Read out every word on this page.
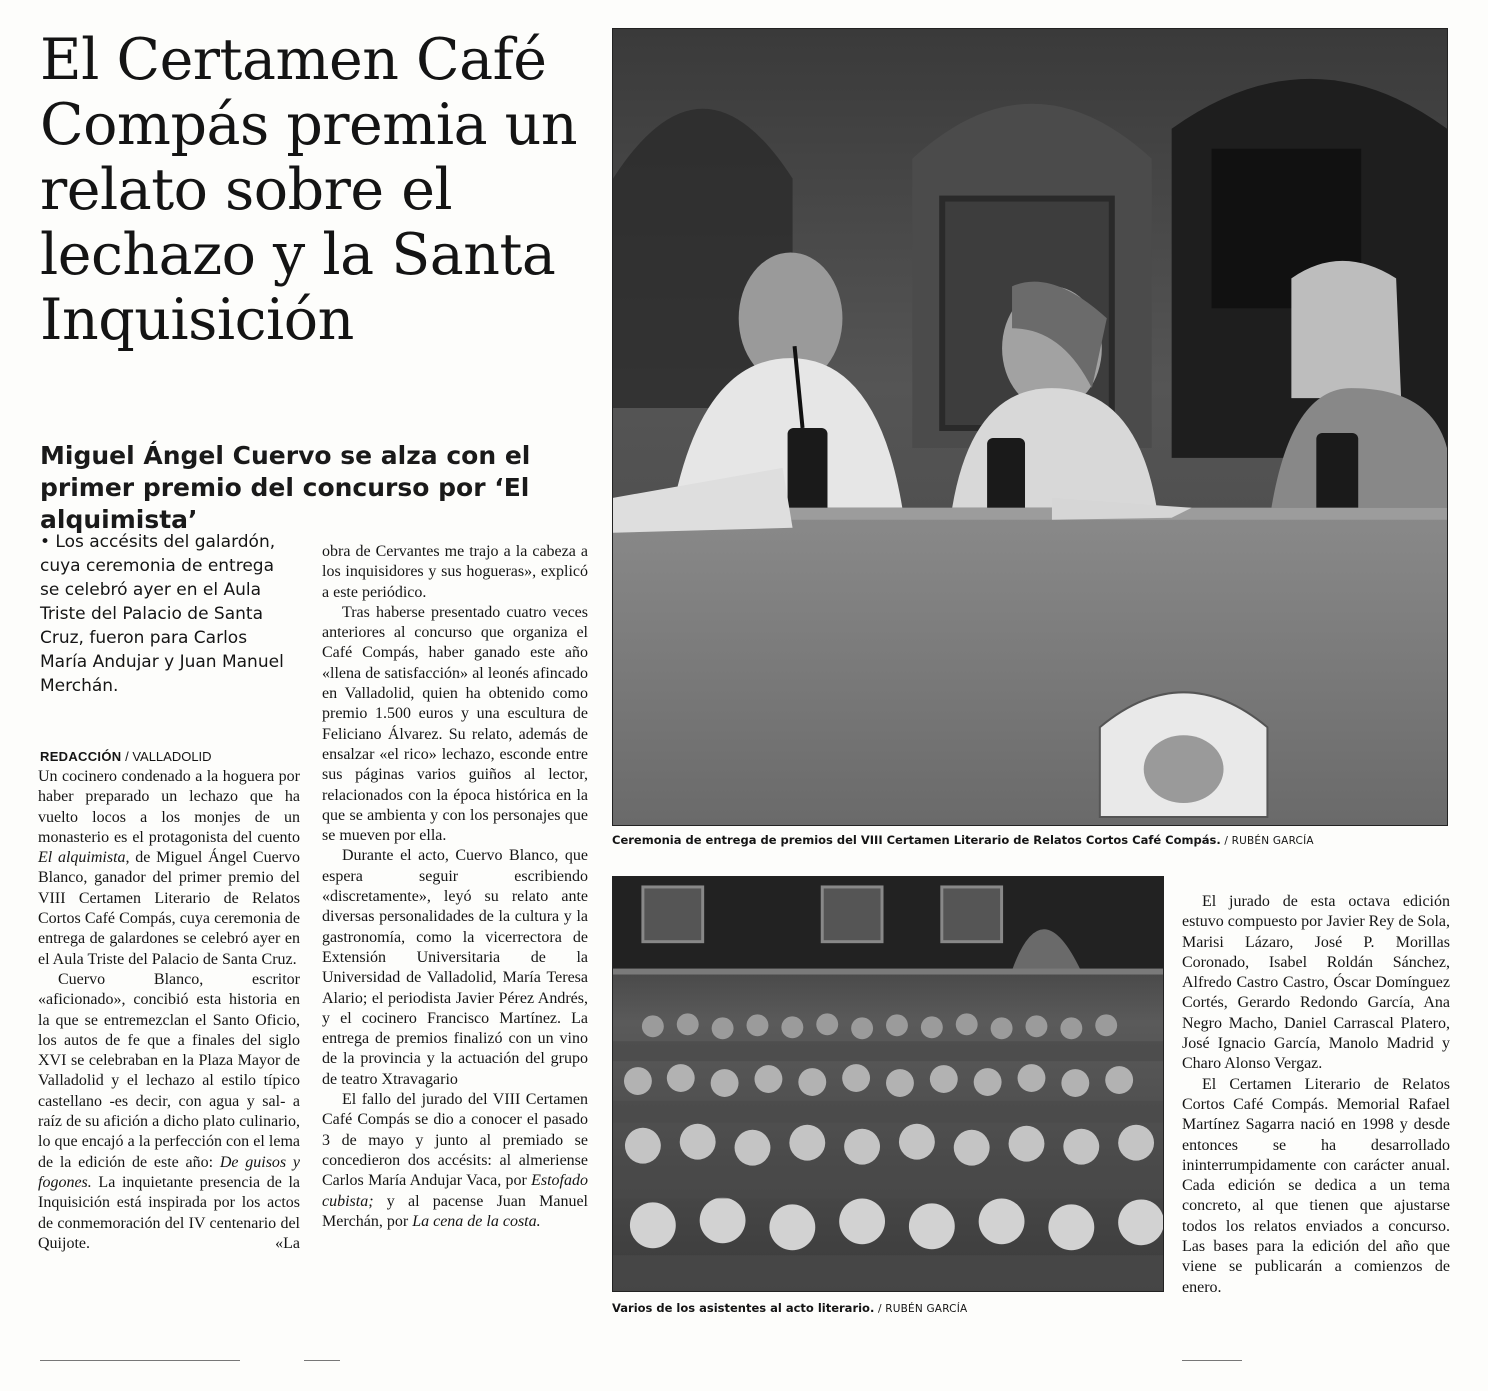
El Certamen Café Compás premia un relato sobre el lechazo y la Santa Inquisición
Miguel Ángel Cuervo se alza con el primer premio del concurso por ‘El alquimista’

• Los accésits del galardón, cuya ceremonia de entrega se celebró ayer en el Aula Triste del Palacio de Santa Cruz, fueron para Carlos María Andujar y Juan Manuel Merchán.

REDACCIÓN / VALLADOLID

Un cocinero condenado a la hoguera por haber preparado un lechazo que ha vuelto locos a los monjes de un monasterio es el protagonista del cuento El alquimista, de Miguel Ángel Cuervo Blanco, ganador del primer premio del VIII Certamen Literario de Relatos Cortos Café Compás, cuya ceremonia de entrega de galardones se celebró ayer en el Aula Triste del Palacio de Santa Cruz.

Cuervo Blanco, escritor «aficionado», concibió esta historia en la que se entremezclan el Santo Oficio, los autos de fe que a finales del siglo XVI se celebraban en la Plaza Mayor de Valladolid y el lechazo al estilo típico castellano -es decir, con agua y sal- a raíz de su afición a dicho plato culinario, lo que encajó a la perfección con el lema de la edición de este año: De guisos y fogones. La inquietante presencia de la Inquisición está inspirada por los actos de conmemoración del IV centenario del Quijote. «La

obra de Cervantes me trajo a la cabeza a los inquisidores y sus hogueras», explicó a este periódico.

Tras haberse presentado cuatro veces anteriores al concurso que organiza el Café Compás, haber ganado este año «llena de satisfacción» al leonés afincado en Valladolid, quien ha obtenido como premio 1.500 euros y una escultura de Feliciano Álvarez. Su relato, además de ensalzar «el rico» lechazo, esconde entre sus páginas varios guiños al lector, relacionados con la época histórica en la que se ambienta y con los personajes que se mueven por ella.

Durante el acto, Cuervo Blanco, que espera seguir escribiendo «discretamente», leyó su relato ante diversas personalidades de la cultura y la gastronomía, como la vicerrectora de Extensión Universitaria de la Universidad de Valladolid, María Teresa Alario; el periodista Javier Pérez Andrés, y el cocinero Francisco Martínez. La entrega de premios finalizó con un vino de la provincia y la actuación del grupo de teatro Xtravagario

El fallo del jurado del VIII Certamen Café Compás se dio a conocer el pasado 3 de mayo y junto al premiado se concedieron dos accésits: al almeriense Carlos María Andujar Vaca, por Estofado cubista; y al pacense Juan Manuel Merchán, por La cena de la costa.

Ceremonia de entrega de premios del VIII Certamen Literario de Relatos Cortos Café Compás. / RUBÉN GARCÍA
Varios de los asistentes al acto literario. / RUBÉN GARCÍA

El jurado de esta octava edición estuvo compuesto por Javier Rey de Sola, Marisi Lázaro, José P. Morillas Coronado, Isabel Roldán Sánchez, Alfredo Castro Castro, Óscar Domínguez Cortés, Gerardo Redondo García, Ana Negro Macho, Daniel Carrascal Platero, José Ignacio García, Manolo Madrid y Charo Alonso Vergaz.

El Certamen Literario de Relatos Cortos Café Compás. Memorial Rafael Martínez Sagarra nació en 1998 y desde entonces se ha desarrollado ininterrumpidamente con carácter anual. Cada edición se dedica a un tema concreto, al que tienen que ajustarse todos los relatos enviados a concurso. Las bases para la edición del año que viene se publicarán a comienzos de enero.
